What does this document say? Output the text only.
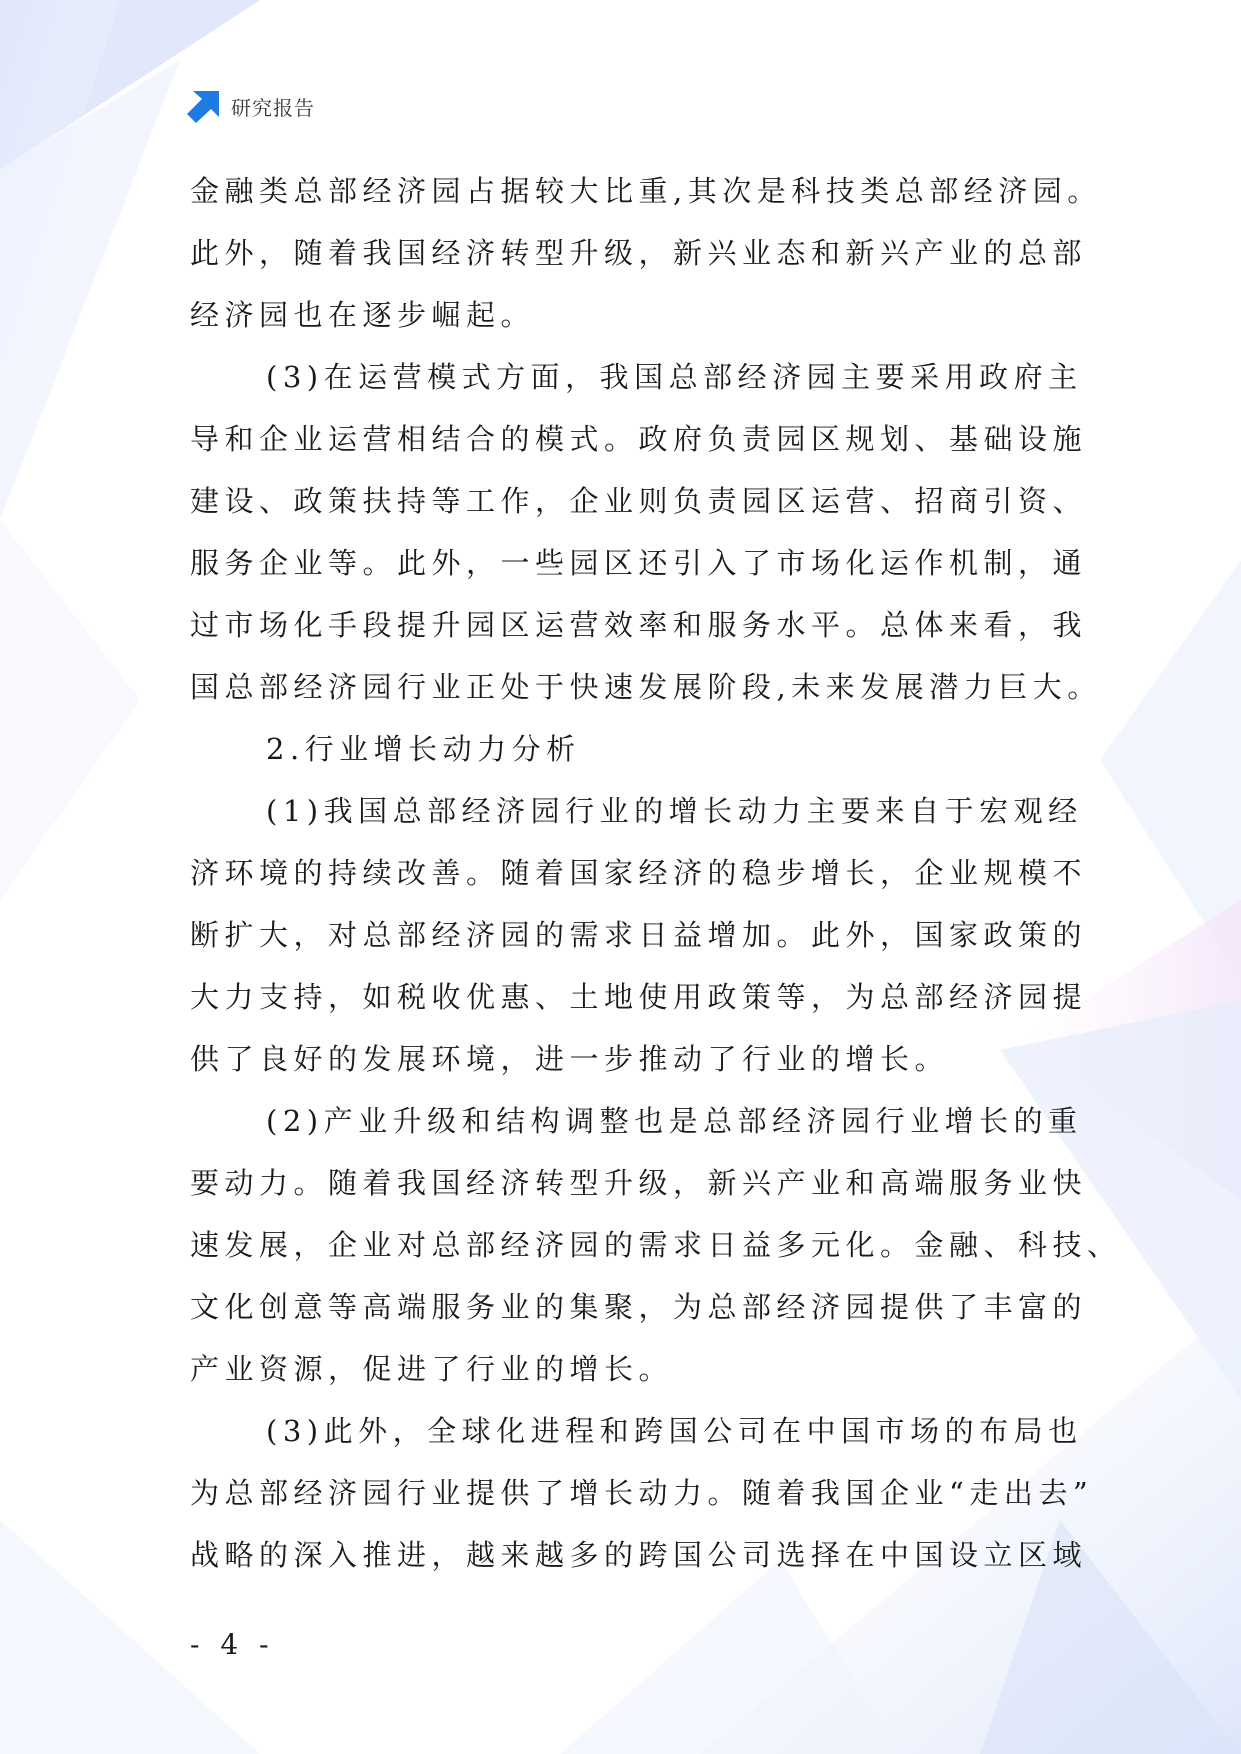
研究报告
金融类总部经济园占据较大比重,其次是科技类总部经济园。
此外，随着我国经济转型升级，新兴业态和新兴产业的总部
经济园也在逐步崛起。
(3)在运营模式方面，我国总部经济园主要采用政府主
导和企业运营相结合的模式。政府负责园区规划、基础设施
建设、政策扶持等工作，企业则负责园区运营、招商引资、
服务企业等。此外，一些园区还引入了市场化运作机制，通
过市场化手段提升园区运营效率和服务水平。总体来看，我
国总部经济园行业正处于快速发展阶段,未来发展潜力巨大。
2.行业增长动力分析
(1)我国总部经济园行业的增长动力主要来自于宏观经
济环境的持续改善。随着国家经济的稳步增长，企业规模不
断扩大，对总部经济园的需求日益增加。此外，国家政策的
大力支持，如税收优惠、土地使用政策等，为总部经济园提
供了良好的发展环境，进一步推动了行业的增长。
(2)产业升级和结构调整也是总部经济园行业增长的重
要动力。随着我国经济转型升级，新兴产业和高端服务业快
速发展，企业对总部经济园的需求日益多元化。金融、科技、
文化创意等高端服务业的集聚，为总部经济园提供了丰富的
产业资源，促进了行业的增长。
(3)此外，全球化进程和跨国公司在中国市场的布局也
为总部经济园行业提供了增长动力。随着我国企业“走出去”
战略的深入推进，越来越多的跨国公司选择在中国设立区域
- 4 -
